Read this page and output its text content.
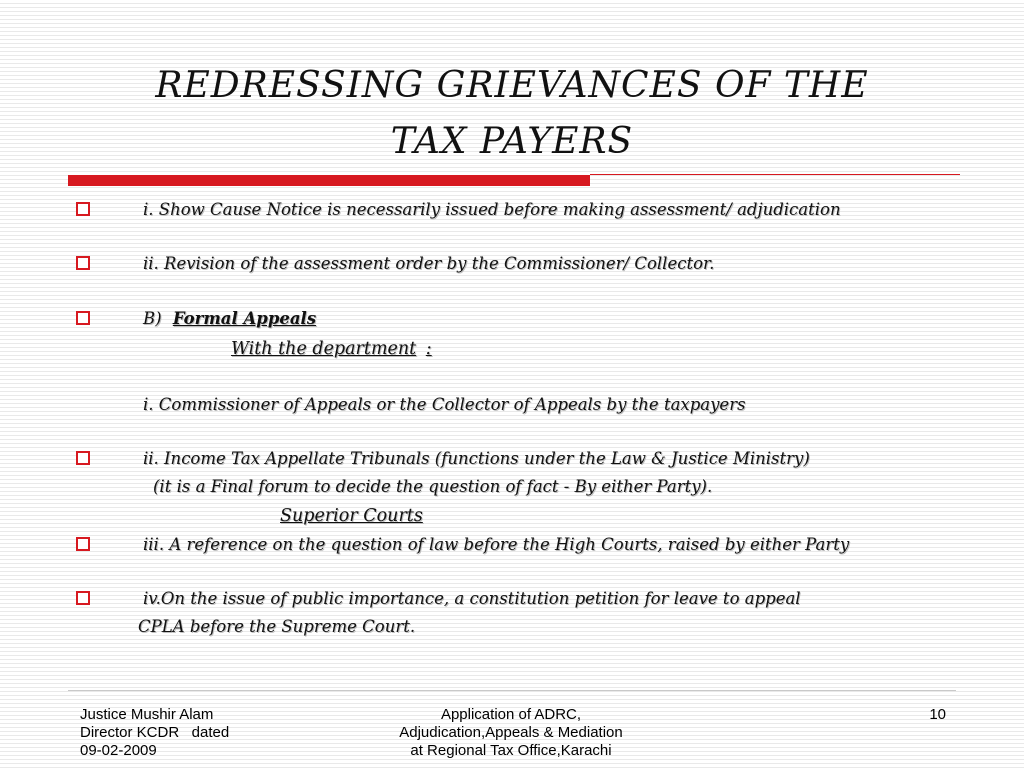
REDRESSING GRIEVANCES OF THE
TAX PAYERS
i. Show Cause Notice is necessarily issued before making assessment/ adjudication
ii. Revision of the assessment order by the Commissioner/ Collector.
B) Formal Appeals
With the department :
i. Commissioner of Appeals or the Collector of Appeals by the taxpayers
ii. Income Tax Appellate Tribunals (functions under the Law & Justice Ministry)
(it is a Final forum to decide the question of fact - By either Party).
Superior Courts
iii. A reference on the question of law before the High Courts, raised by either Party
iv.On the issue of public importance, a constitution petition for leave to appeal
CPLA before the Supreme Court.
Justice Mushir Alam
Director KCDR   dated
09-02-2009
Application of ADRC,
Adjudication,Appeals & Mediation
at Regional Tax Office,Karachi
10
